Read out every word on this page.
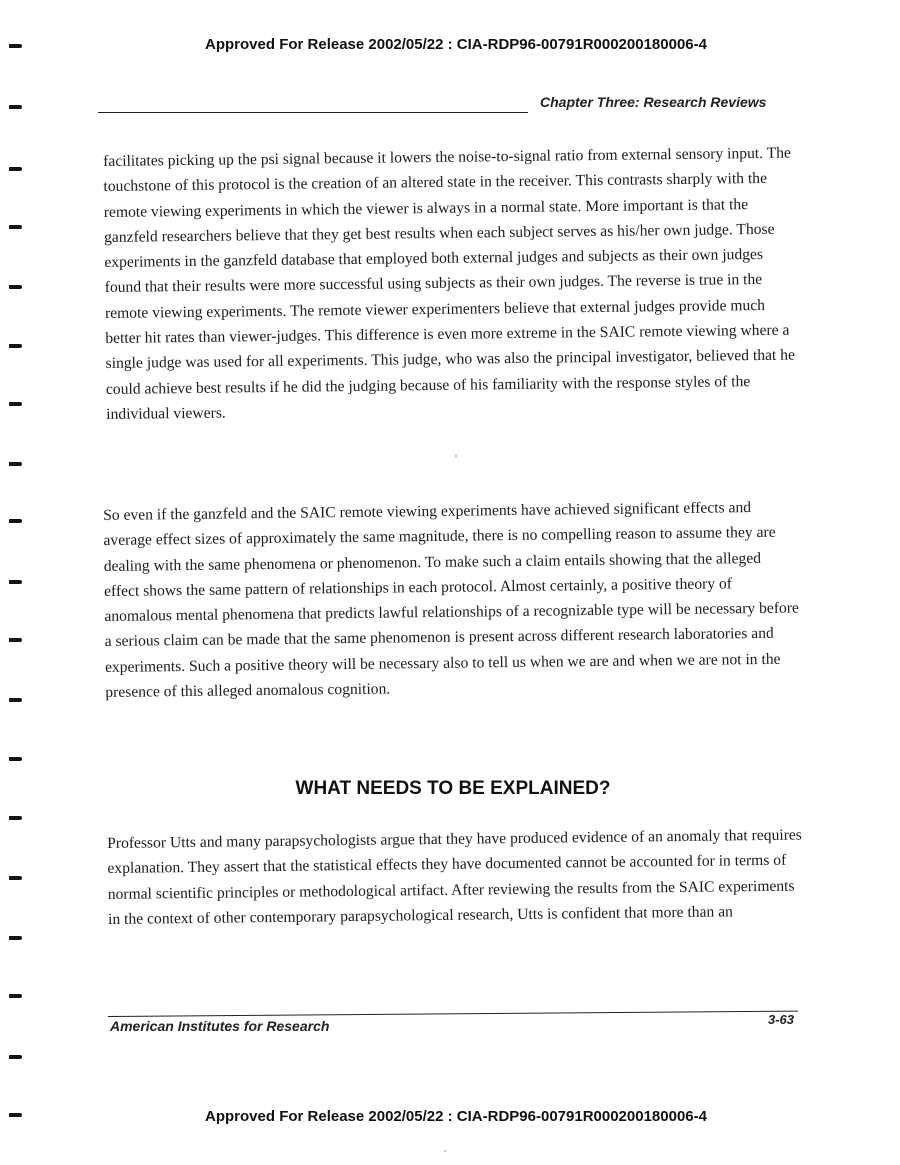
Approved For Release 2002/05/22 : CIA-RDP96-00791R000200180006-4
Chapter Three: Research Reviews
facilitates picking up the psi signal because it lowers the noise-to-signal ratio from external sensory input. The touchstone of this protocol is the creation of an altered state in the receiver. This contrasts sharply with the remote viewing experiments in which the viewer is always in a normal state. More important is that the ganzfeld researchers believe that they get best results when each subject serves as his/her own judge. Those experiments in the ganzfeld database that employed both external judges and subjects as their own judges found that their results were more successful using subjects as their own judges. The reverse is true in the remote viewing experiments. The remote viewer experimenters believe that external judges provide much better hit rates than viewer-judges. This difference is even more extreme in the SAIC remote viewing where a single judge was used for all experiments. This judge, who was also the principal investigator, believed that he could achieve best results if he did the judging because of his familiarity with the response styles of the individual viewers.
So even if the ganzfeld and the SAIC remote viewing experiments have achieved significant effects and average effect sizes of approximately the same magnitude, there is no compelling reason to assume they are dealing with the same phenomena or phenomenon. To make such a claim entails showing that the alleged effect shows the same pattern of relationships in each protocol. Almost certainly, a positive theory of anomalous mental phenomena that predicts lawful relationships of a recognizable type will be necessary before a serious claim can be made that the same phenomenon is present across different research laboratories and experiments. Such a positive theory will be necessary also to tell us when we are and when we are not in the presence of this alleged anomalous cognition.
WHAT NEEDS TO BE EXPLAINED?
Professor Utts and many parapsychologists argue that they have produced evidence of an anomaly that requires explanation. They assert that the statistical effects they have documented cannot be accounted for in terms of normal scientific principles or methodological artifact. After reviewing the results from the SAIC experiments in the context of other contemporary parapsychological research, Utts is confident that more than an
American Institutes for Research	3-63
Approved For Release 2002/05/22 : CIA-RDP96-00791R000200180006-4
